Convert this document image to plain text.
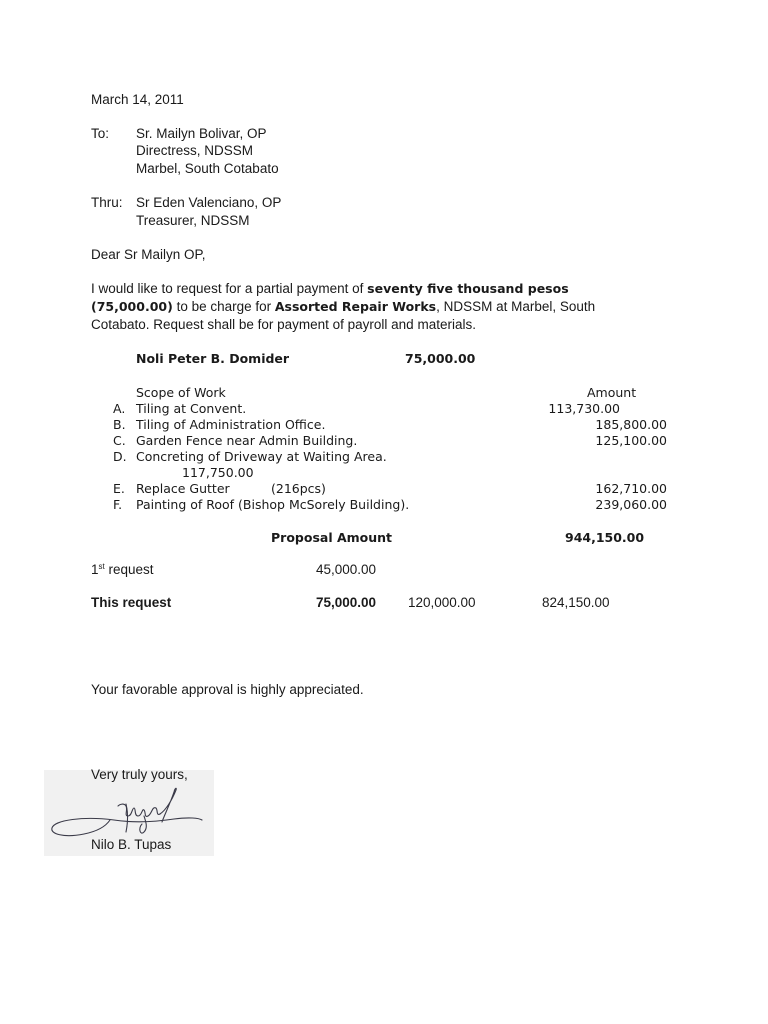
March 14, 2011
To: Sr. Mailyn Bolivar, OP
Directress, NDSSM
Marbel, South Cotabato
Thru: Sr Eden Valenciano, OP
Treasurer, NDSSM
Dear Sr Mailyn OP,
I would like to request for a partial payment of seventy five thousand pesos
(75,000.00) to be charge for Assorted Repair Works, NDSSM at Marbel, South
Cotabato. Request shall be for payment of payroll and materials.
Noli Peter B. Domider	75,000.00
Scope of Work	Amount
A. Tiling at Convent.	113,730.00
B. Tiling of Administration Office.	185,800.00
C. Garden Fence near Admin Building.	125,100.00
D. Concreting of Driveway at Waiting Area.
117,750.00
E. Replace Gutter	(216pcs)	162,710.00
F. Painting of Roof (Bishop McSorely Building).	239,060.00
Proposal Amount	944,150.00
1st request	45,000.00
This request	75,000.00 120,000.00	824,150.00
Your favorable approval is highly appreciated.
Very truly yours,
Nilo B. Tupas
